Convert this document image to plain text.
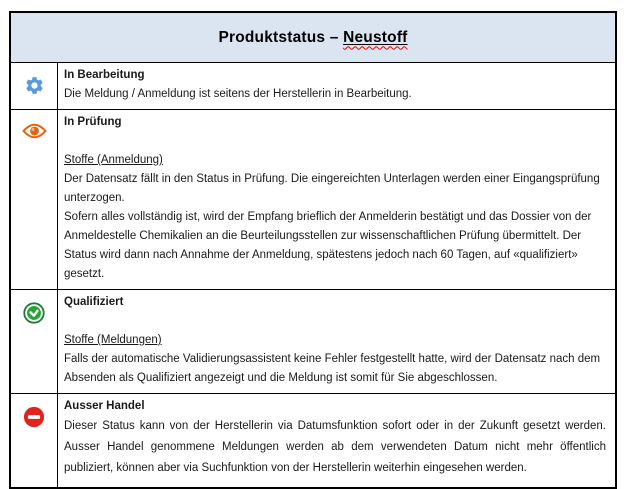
Produktstatus – Neustoff
In Bearbeitung

Die Meldung / Anmeldung ist seitens der Herstellerin in Bearbeitung.

In Prüfung
Stoffe (Anmeldung)

Der Datensatz fällt in den Status in Prüfung. Die eingereichten Unterlagen werden einer Eingangsprüfung unterzogen.

Sofern alles vollständig ist, wird der Empfang brieflich der Anmelderin bestätigt und das Dossier von der Anmeldestelle Chemikalien an die Beurteilungsstellen zur wissenschaftlichen Prüfung übermittelt. Der Status wird dann nach Annahme der Anmeldung, spätestens jedoch nach 60 Tagen, auf «qualifiziert» gesetzt.

Qualifiziert
Stoffe (Meldungen)

Falls der automatische Validierungsassistent keine Fehler festgestellt hatte, wird der Datensatz nach dem Absenden als Qualifiziert angezeigt und die Meldung ist somit für Sie abgeschlossen.

Ausser Handel

Dieser Status kann von der Herstellerin via Datumsfunktion sofort oder in der Zukunft gesetzt werden. Ausser Handel genommene Meldungen werden ab dem verwendeten Datum nicht mehr öffentlich publiziert, können aber via Suchfunktion von der Herstellerin weiterhin eingesehen werden.
